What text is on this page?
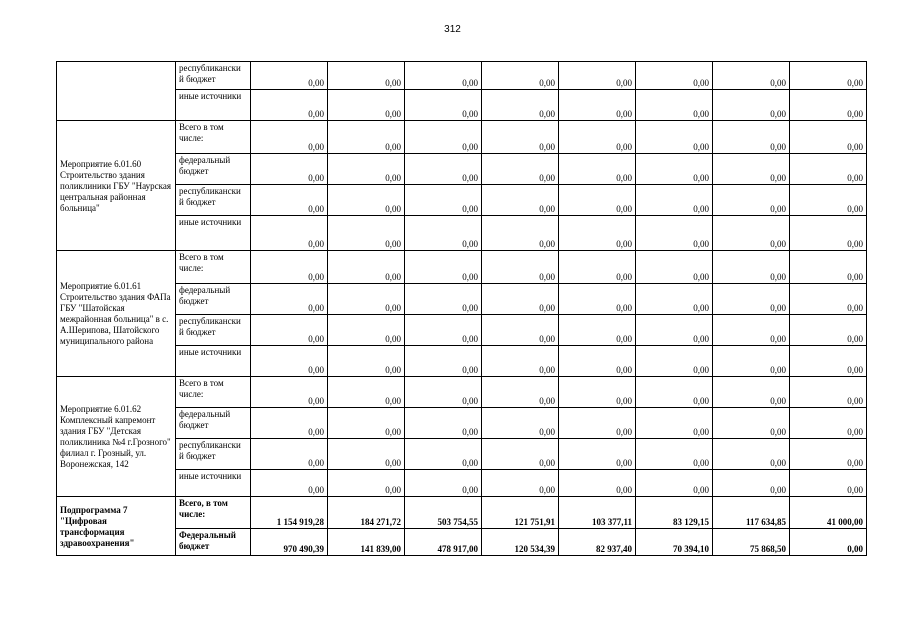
312
	республикански й бюджет	0,00	0,00	0,00	0,00	0,00	0,00	0,00	0,00
	иные источники	0,00	0,00	0,00	0,00	0,00	0,00	0,00	0,00
Мероприятие 6.01.60 Строительство здания поликлиники ГБУ "Наурская центральная районная больница"	Всего в том числе:	0,00	0,00	0,00	0,00	0,00	0,00	0,00	0,00
	федеральный бюджет	0,00	0,00	0,00	0,00	0,00	0,00	0,00	0,00
	республикански й бюджет	0,00	0,00	0,00	0,00	0,00	0,00	0,00	0,00
	иные источники	0,00	0,00	0,00	0,00	0,00	0,00	0,00	0,00
Мероприятие 6.01.61 Строительство здания ФАПа ГБУ "Шатойская межрайонная больница" в с. А.Шерипова, Шатойского муниципального района	Всего в том числе:	0,00	0,00	0,00	0,00	0,00	0,00	0,00	0,00
	федеральный бюджет	0,00	0,00	0,00	0,00	0,00	0,00	0,00	0,00
	республикански й бюджет	0,00	0,00	0,00	0,00	0,00	0,00	0,00	0,00
	иные источники	0,00	0,00	0,00	0,00	0,00	0,00	0,00	0,00
Мероприятие 6.01.62 Комплексный капремонт здания ГБУ "Детская поликлиника №4 г.Грозного" филиал г. Грозный, ул. Воронежская, 142	Всего в том числе:	0,00	0,00	0,00	0,00	0,00	0,00	0,00	0,00
	федеральный бюджет	0,00	0,00	0,00	0,00	0,00	0,00	0,00	0,00
	республикански й бюджет	0,00	0,00	0,00	0,00	0,00	0,00	0,00	0,00
	иные источники	0,00	0,00	0,00	0,00	0,00	0,00	0,00	0,00
Подпрограмма 7 "Цифровая трансформация здравоохранения"	Всего, в том числе:	1 154 919,28	184 271,72	503 754,55	121 751,91	103 377,11	83 129,15	117 634,85	41 000,00
	Федеральный бюджет	970 490,39	141 839,00	478 917,00	120 534,39	82 937,40	70 394,10	75 868,50	0,00
